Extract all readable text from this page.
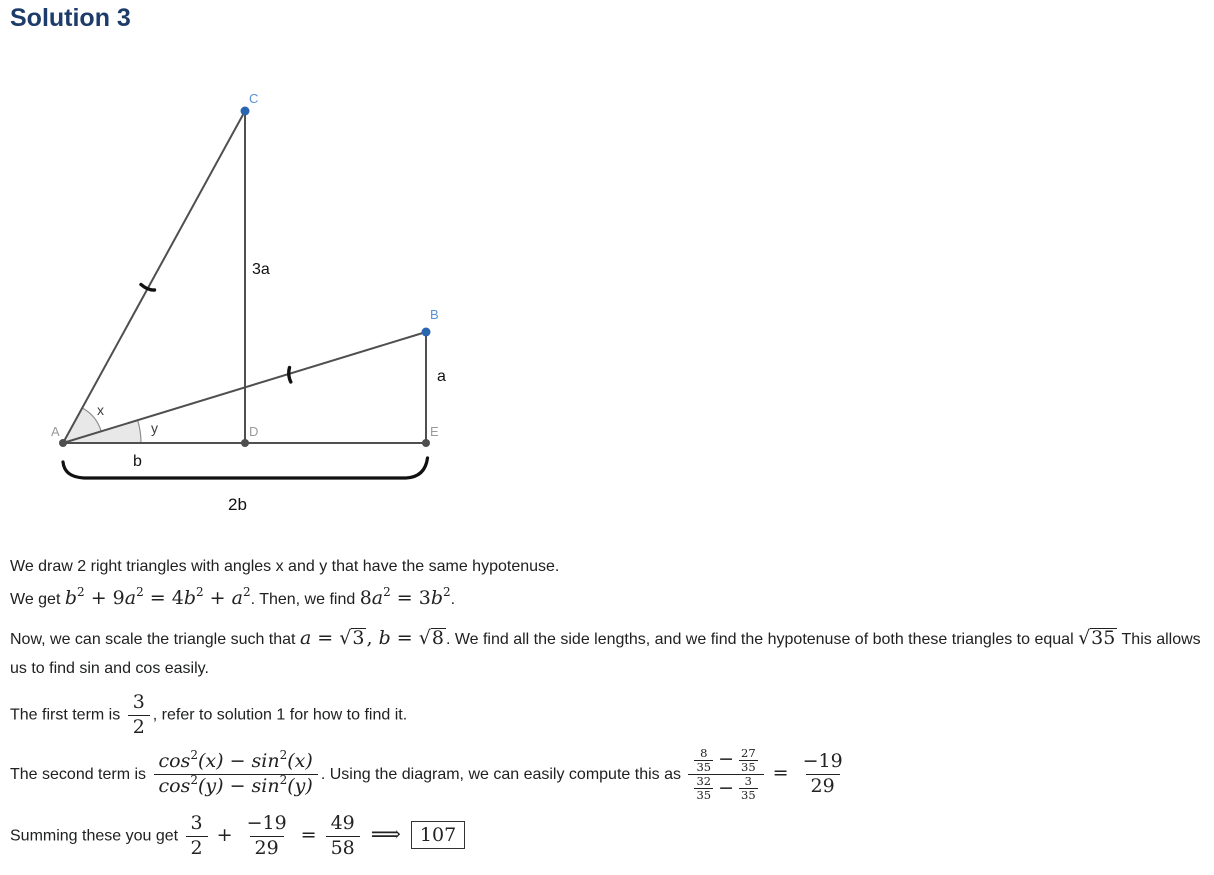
Solution 3
C
B
A	D	E
x
y
3a
a
b
2b

We draw 2 right triangles with angles x and y that have the same hypotenuse.

We get $b^2 + 9a^2 = 4b^2 + a^2$. Then, we find $8a^2 = 3b^2$.

Now, we can scale the triangle such that a = √3 , b = √8 . We find all the side lengths, and we find the hypotenuse of both these triangles to equal √35 This allows us to find sin and cos easily.

The first term is $\frac{3}{2}$ , refer to solution 1 for how to find it.

The second term is $\frac{\cos^2(x) - \sin^2(x)}{\cos^2(y) - \sin^2(y)}$ . Using the diagram, we can easily compute this as $\frac{\frac{8}{35} - \frac{27}{35}}{\frac{32}{35} - \frac{3}{35}} = \frac{-19}{29}$

Summing these you get $\frac{3}{2} + \frac{-19}{29} = \frac{49}{58}$ ⟹ 107
